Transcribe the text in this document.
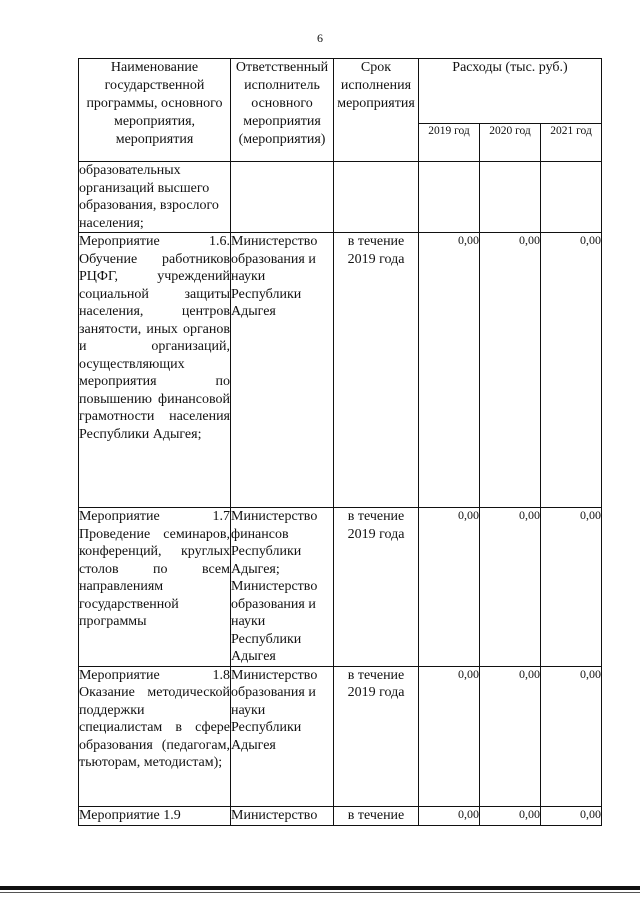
6
Наименование государственной программы, основного мероприятия, мероприятия	Ответственный исполнитель основного мероприятия (мероприятия)	Срок исполнения мероприятия	Расходы (тыс. руб.)		
			2019 год	2020 год	2021 год
образовательных организаций высшего образования, взрослого населения;					
Мероприятие 1.6. Обучение работников РЦФГ, учреждений социальной защиты населения, центров занятости, иных органов и организаций, осуществляющих мероприятия по повышению финансовой грамотности населения Республики Адыгея;	Министерство образования и науки Республики Адыгея	в течение 2019 года	0,00	0,00	0,00
Мероприятие 1.7 Проведение семинаров, конференций, круглых столов по всем направлениям государственной программы	Министерство финансов Республики Адыгея; Министерство образования и науки Республики Адыгея	в течение 2019 года	0,00	0,00	0,00
Мероприятие 1.8 Оказание методической поддержки специалистам в сфере образования (педагогам, тьюторам, методистам);	Министерство образования и науки Республики Адыгея	в течение 2019 года	0,00	0,00	0,00
Мероприятие 1.9	Министерство	в течение	0,00	0,00	0,00
